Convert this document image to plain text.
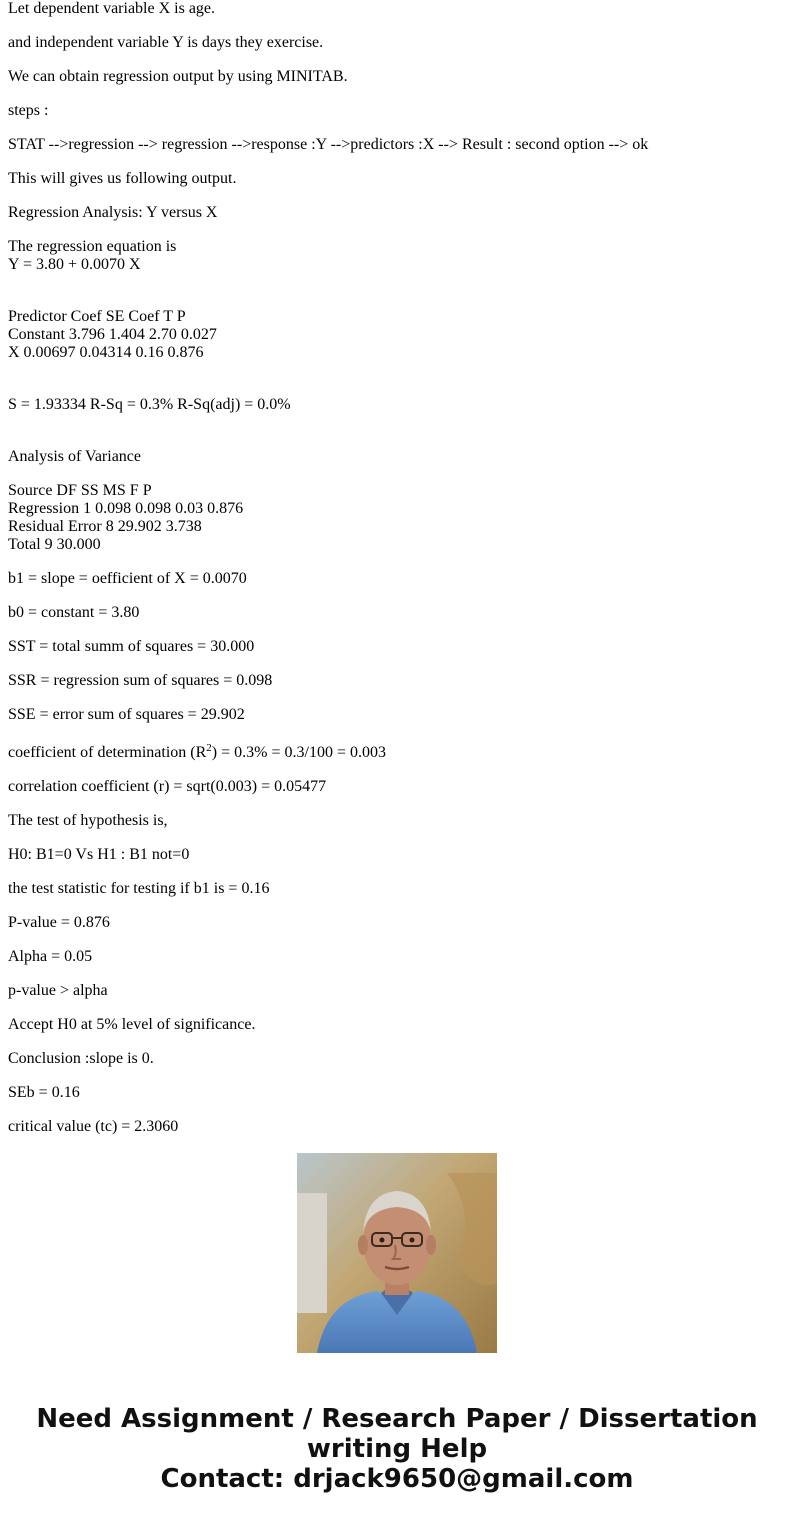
Let dependent variable X is age.

and independent variable Y is days they exercise.

We can obtain regression output by using MINITAB.

steps :

STAT -->regression --> regression -->response :Y -->predictors :X --> Result : second option --> ok

This will gives us following output.

Regression Analysis: Y versus X

The regression equation is
Y = 3.80 + 0.0070 X
Predictor Coef SE Coef T P
Constant 3.796 1.404 2.70 0.027
X 0.00697 0.04314 0.16 0.876
S = 1.93334 R-Sq = 0.3% R-Sq(adj) = 0.0%
Analysis of Variance
Source DF SS MS F P
Regression 1 0.098 0.098 0.03 0.876
Residual Error 8 29.902 3.738
Total 9 30.000

b1 = slope = oefficient of X = 0.0070

b0 = constant = 3.80

SST = total summ of squares = 30.000

SSR = regression sum of squares = 0.098

SSE = error sum of squares = 29.902

coefficient of determination $(R^2) = 0.3\% = 0.3/100 = 0.003$

correlation coefficient (r) = sqrt(0.003) = 0.05477

The test of hypothesis is,

H0: B1=0 Vs H1 : B1 not=0

the test statistic for testing if b1 is = 0.16

P-value = 0.876

Alpha = 0.05

p-value > alpha

Accept H0 at 5% level of significance.

Conclusion :slope is 0.

SEb = 0.16

critical value (tc) = 2.3060

Need Assignment / Research Paper / Dissertation
writing Help
Contact: drjack9650@gmail.com
